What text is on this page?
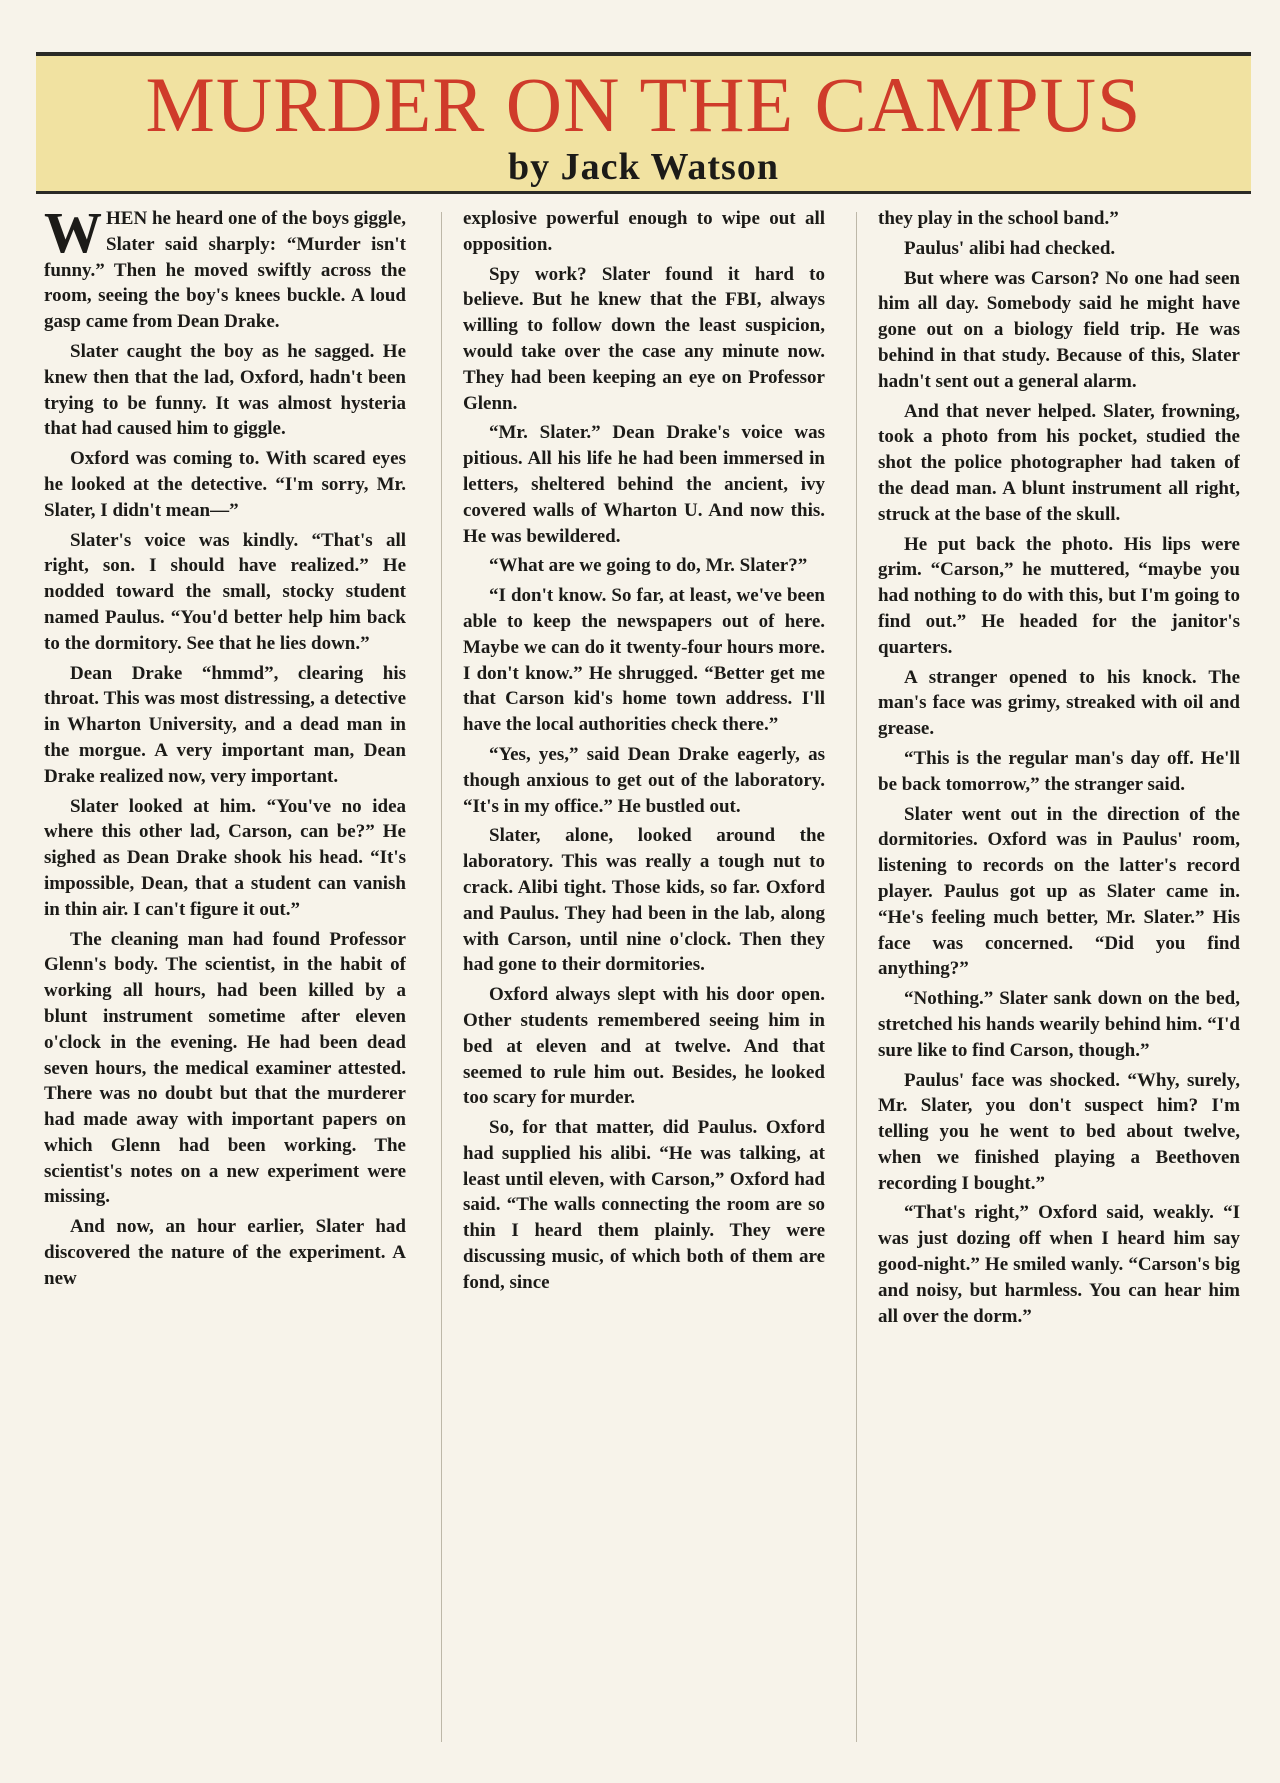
MURDER ON THE CAMPUS

by Jack Watson

WHEN he heard one of the boys giggle, Slater said sharply: “Murder isn't funny.” Then he moved swiftly across the room, seeing the boy's knees buckle. A loud gasp came from Dean Drake.

Slater caught the boy as he sagged. He knew then that the lad, Oxford, hadn't been trying to be funny. It was almost hysteria that had caused him to giggle.

Oxford was coming to. With scared eyes he looked at the detective. “I'm sorry, Mr. Slater, I didn't mean—”

Slater's voice was kindly. “That's all right, son. I should have realized.” He nodded toward the small, stocky student named Paulus. “You'd better help him back to the dormitory. See that he lies down.”

Dean Drake “hmmd”, clearing his throat. This was most distressing, a detective in Wharton University, and a dead man in the morgue. A very important man, Dean Drake realized now, very important.

Slater looked at him. “You've no idea where this other lad, Carson, can be?” He sighed as Dean Drake shook his head. “It's impossible, Dean, that a student can vanish in thin air. I can't figure it out.”

The cleaning man had found Professor Glenn's body. The scientist, in the habit of working all hours, had been killed by a blunt instrument sometime after eleven o'clock in the evening. He had been dead seven hours, the medical examiner attested. There was no doubt but that the murderer had made away with important papers on which Glenn had been working. The scientist's notes on a new experiment were missing.

And now, an hour earlier, Slater had discovered the nature of the experiment. A new

explosive powerful enough to wipe out all opposition.

Spy work? Slater found it hard to believe. But he knew that the FBI, always willing to follow down the least suspicion, would take over the case any minute now. They had been keeping an eye on Professor Glenn.

“Mr. Slater.” Dean Drake's voice was pitious. All his life he had been immersed in letters, sheltered behind the ancient, ivy covered walls of Wharton U. And now this. He was bewildered.

“What are we going to do, Mr. Slater?”

“I don't know. So far, at least, we've been able to keep the newspapers out of here. Maybe we can do it twenty-four hours more. I don't know.” He shrugged. “Better get me that Carson kid's home town address. I'll have the local authorities check there.”

“Yes, yes,” said Dean Drake eagerly, as though anxious to get out of the laboratory. “It's in my office.” He bustled out.

Slater, alone, looked around the laboratory. This was really a tough nut to crack. Alibi tight. Those kids, so far. Oxford and Paulus. They had been in the lab, along with Carson, until nine o'clock. Then they had gone to their dormitories.

Oxford always slept with his door open. Other students remembered seeing him in bed at eleven and at twelve. And that seemed to rule him out. Besides, he looked too scary for murder.

So, for that matter, did Paulus. Oxford had supplied his alibi. “He was talking, at least until eleven, with Carson,” Oxford had said. “The walls connecting the room are so thin I heard them plainly. They were discussing music, of which both of them are fond, since

they play in the school band.”

Paulus' alibi had checked.

But where was Carson? No one had seen him all day. Somebody said he might have gone out on a biology field trip. He was behind in that study. Because of this, Slater hadn't sent out a general alarm.

And that never helped. Slater, frowning, took a photo from his pocket, studied the shot the police photographer had taken of the dead man. A blunt instrument all right, struck at the base of the skull.

He put back the photo. His lips were grim. “Carson,” he muttered, “maybe you had nothing to do with this, but I'm going to find out.” He headed for the janitor's quarters.

A stranger opened to his knock. The man's face was grimy, streaked with oil and grease.

“This is the regular man's day off. He'll be back tomorrow,” the stranger said.

Slater went out in the direction of the dormitories. Oxford was in Paulus' room, listening to records on the latter's record player. Paulus got up as Slater came in. “He's feeling much better, Mr. Slater.” His face was concerned. “Did you find anything?”

“Nothing.” Slater sank down on the bed, stretched his hands wearily behind him. “I'd sure like to find Carson, though.”

Paulus' face was shocked. “Why, surely, Mr. Slater, you don't suspect him? I'm telling you he went to bed about twelve, when we finished playing a Beethoven recording I bought.”

“That's right,” Oxford said, weakly. “I was just dozing off when I heard him say good-night.” He smiled wanly. “Carson's big and noisy, but harmless. You can hear him all over the dorm.”
